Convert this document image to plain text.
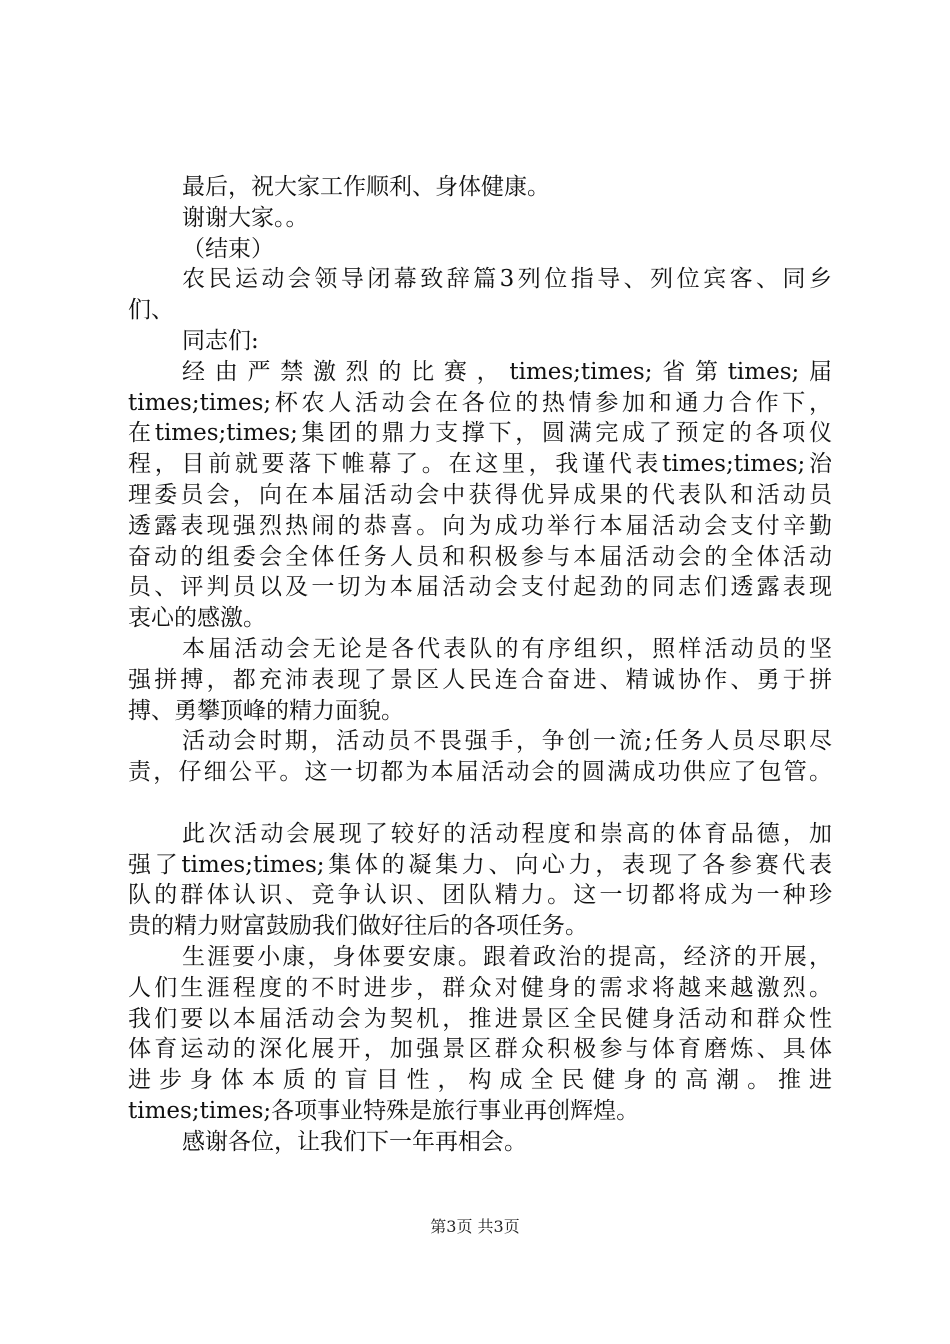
最后，祝大家工作顺利、身体健康。

谢谢大家。。

（结束）

农民运动会领导闭幕致辞篇3列位指导、列位宾客、同乡

们、

同志们:

经由严禁激烈的比赛，times;times;省第times;届

times;times;杯农人活动会在各位的热情参加和通力合作下，

在times;times;集团的鼎力支撑下，圆满完成了预定的各项仪

程，目前就要落下帷幕了。在这里，我谨代表times;times;治

理委员会，向在本届活动会中获得优异成果的代表队和活动员

透露表现强烈热闹的恭喜。向为成功举行本届活动会支付辛勤

奋动的组委会全体任务人员和积极参与本届活动会的全体活动

员、评判员以及一切为本届活动会支付起劲的同志们透露表现

衷心的感激。

本届活动会无论是各代表队的有序组织，照样活动员的坚

强拼搏，都充沛表现了景区人民连合奋进、精诚协作、勇于拼

搏、勇攀顶峰的精力面貌。

活动会时期，活动员不畏强手，争创一流;任务人员尽职尽

责，仔细公平。这一切都为本届活动会的圆满成功供应了包管。

此次活动会展现了较好的活动程度和崇高的体育品德，加

强了times;times;集体的凝集力、向心力，表现了各参赛代表

队的群体认识、竞争认识、团队精力。这一切都将成为一种珍

贵的精力财富鼓励我们做好往后的各项任务。

生涯要小康，身体要安康。跟着政治的提高，经济的开展，

人们生涯程度的不时进步，群众对健身的需求将越来越激烈。

我们要以本届活动会为契机，推进景区全民健身活动和群众性

体育运动的深化展开，加强景区群众积极参与体育磨炼、具体

进步身体本质的盲目性，构成全民健身的高潮。推进

times;times;各项事业特殊是旅行事业再创辉煌。

感谢各位，让我们下一年再相会。

第3页 共3页
